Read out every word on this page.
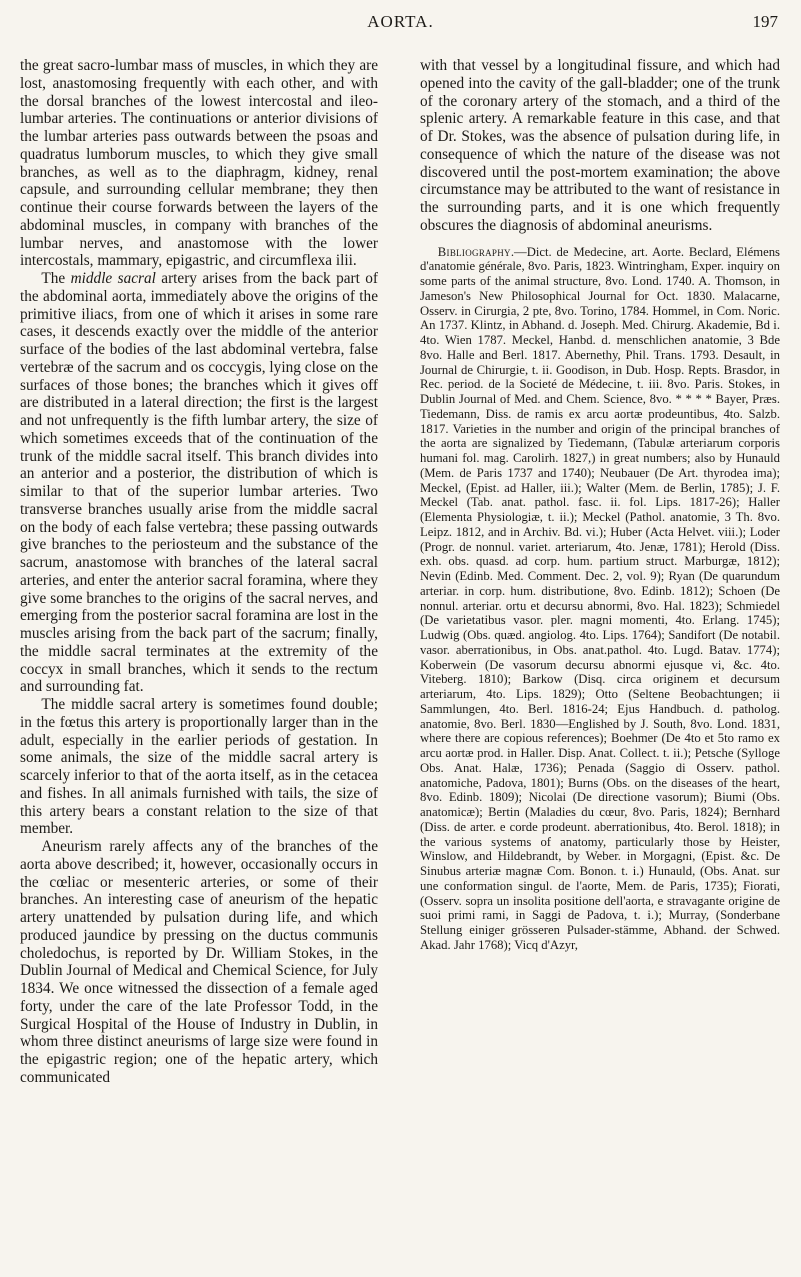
AORTA.	197

the great sacro-lumbar mass of muscles, in which they are lost, anastomosing frequently with each other, and with the dorsal branches of the lowest intercostal and ileo-lumbar arteries. The continuations or anterior divisions of the lumbar arteries pass outwards between the psoas and quadratus lumborum muscles, to which they give small branches, as well as to the diaphragm, kidney, renal capsule, and surrounding cellular membrane; they then continue their course forwards between the layers of the abdominal muscles, in company with branches of the lumbar nerves, and anastomose with the lower intercostals, mammary, epigastric, and circumflexa ilii.

The middle sacral artery arises from the back part of the abdominal aorta, immediately above the origins of the primitive iliacs, from one of which it arises in some rare cases, it descends exactly over the middle of the anterior surface of the bodies of the last abdominal vertebra, false vertebræ of the sacrum and os coccygis, lying close on the surfaces of those bones; the branches which it gives off are distributed in a lateral direction; the first is the largest and not unfrequently is the fifth lumbar artery, the size of which sometimes exceeds that of the continuation of the trunk of the middle sacral itself. This branch divides into an anterior and a posterior, the distribution of which is similar to that of the superior lumbar arteries. Two transverse branches usually arise from the middle sacral on the body of each false vertebra; these passing outwards give branches to the periosteum and the substance of the sacrum, anastomose with branches of the lateral sacral arteries, and enter the anterior sacral foramina, where they give some branches to the origins of the sacral nerves, and emerging from the posterior sacral foramina are lost in the muscles arising from the back part of the sacrum; finally, the middle sacral terminates at the extremity of the coccyx in small branches, which it sends to the rectum and surrounding fat.

The middle sacral artery is sometimes found double; in the fœtus this artery is proportionally larger than in the adult, especially in the earlier periods of gestation. In some animals, the size of the middle sacral artery is scarcely inferior to that of the aorta itself, as in the cetacea and fishes. In all animals furnished with tails, the size of this artery bears a constant relation to the size of that member.

Aneurism rarely affects any of the branches of the aorta above described; it, however, occasionally occurs in the cœliac or mesenteric arteries, or some of their branches. An interesting case of aneurism of the hepatic artery unattended by pulsation during life, and which produced jaundice by pressing on the ductus communis choledochus, is reported by Dr. William Stokes, in the Dublin Journal of Medical and Chemical Science, for July 1834. We once witnessed the dissection of a female aged forty, under the care of the late Professor Todd, in the Surgical Hospital of the House of Industry in Dublin, in whom three distinct aneurisms of large size were found in the epigastric region; one of the hepatic artery, which communicated

with that vessel by a longitudinal fissure, and which had opened into the cavity of the gall-bladder; one of the trunk of the coronary artery of the stomach, and a third of the splenic artery. A remarkable feature in this case, and that of Dr. Stokes, was the absence of pulsation during life, in consequence of which the nature of the disease was not discovered until the post-mortem examination; the above circumstance may be attributed to the want of resistance in the surrounding parts, and it is one which frequently obscures the diagnosis of abdominal aneurisms.

Bibliography.—Dict. de Medecine, art. Aorte. Beclard, Elémens d'anatomie générale, 8vo. Paris, 1823. Wintringham, Exper. inquiry on some parts of the animal structure, 8vo. Lond. 1740. A. Thomson, in Jameson's New Philosophical Journal for Oct. 1830. Malacarne, Osserv. in Cirurgia, 2 pte, 8vo. Torino, 1784. Hommel, in Com. Noric. An 1737. Klintz, in Abhand. d. Joseph. Med. Chirurg. Akademie, Bd i. 4to. Wien 1787. Meckel, Hanbd. d. menschlichen anatomie, 3 Bde 8vo. Halle and Berl. 1817. Abernethy, Phil. Trans. 1793. Desault, in Journal de Chirurgie, t. ii. Goodison, in Dub. Hosp. Repts. Brasdor, in Rec. period. de la Societé de Médecine, t. iii. 8vo. Paris. Stokes, in Dublin Journal of Med. and Chem. Science, 8vo. * * * * Bayer, Præs. Tiedemann, Diss. de ramis ex arcu aortæ prodeuntibus, 4to. Salzb. 1817. Varieties in the number and origin of the principal branches of the aorta are signalized by Tiedemann, (Tabulæ arteriarum corporis humani fol. mag. Carolirh. 1827,) in great numbers; also by Hunauld (Mem. de Paris 1737 and 1740); Neubauer (De Art. thyrodea ima); Meckel, (Epist. ad Haller, iii.); Walter (Mem. de Berlin, 1785); J. F. Meckel (Tab. anat. pathol. fasc. ii. fol. Lips. 1817-26); Haller (Elementa Physiologiæ, t. ii.); Meckel (Pathol. anatomie, 3 Th. 8vo. Leipz. 1812, and in Archiv. Bd. vi.); Huber (Acta Helvet. viii.); Loder (Progr. de nonnul. variet. arteriarum, 4to. Jenæ, 1781); Herold (Diss. exh. obs. quasd. ad corp. hum. partium struct. Marburgæ, 1812); Nevin (Edinb. Med. Comment. Dec. 2, vol. 9); Ryan (De quarundum arteriar. in corp. hum. distributione, 8vo. Edinb. 1812); Schoen (De nonnul. arteriar. ortu et decursu abnormi, 8vo. Hal. 1823); Schmiedel (De varietatibus vasor. pler. magni momenti, 4to. Erlang. 1745); Ludwig (Obs. quæd. angiolog. 4to. Lips. 1764); Sandifort (De notabil. vasor. aberrationibus, in Obs. anat.pathol. 4to. Lugd. Batav. 1774); Koberwein (De vasorum decursu abnormi ejusque vi, &c. 4to. Viteberg. 1810); Barkow (Disq. circa originem et decursum arteriarum, 4to. Lips. 1829); Otto (Seltene Beobachtungen; ii Sammlungen, 4to. Berl. 1816-24; Ejus Handbuch. d. patholog. anatomie, 8vo. Berl. 1830—Englished by J. South, 8vo. Lond. 1831, where there are copious references); Boehmer (De 4to et 5to ramo ex arcu aortæ prod. in Haller. Disp. Anat. Collect. t. ii.); Petsche (Sylloge Obs. Anat. Halæ, 1736); Penada (Saggio di Osserv. pathol. anatomiche, Padova, 1801); Burns (Obs. on the diseases of the heart, 8vo. Edinb. 1809); Nicolai (De directione vasorum); Biumi (Obs. anatomicæ); Bertin (Maladies du cœur, 8vo. Paris, 1824); Bernhard (Diss. de arter. e corde prodeunt. aberrationibus, 4to. Berol. 1818); in the various systems of anatomy, particularly those by Heister, Winslow, and Hildebrandt, by Weber. in Morgagni, (Epist. &c. De Sinubus arteriæ magnæ Com. Bonon. t. i.) Hunauld, (Obs. Anat. sur une conformation singul. de l'aorte, Mem. de Paris, 1735); Fiorati, (Osserv. sopra un insolita positione dell'aorta, e stravagante origine de suoi primi rami, in Saggi de Padova, t. i.); Murray, (Sonderbane Stellung einiger grösseren Pulsader-stämme, Abhand. der Schwed. Akad. Jahr 1768); Vicq d'Azyr,
